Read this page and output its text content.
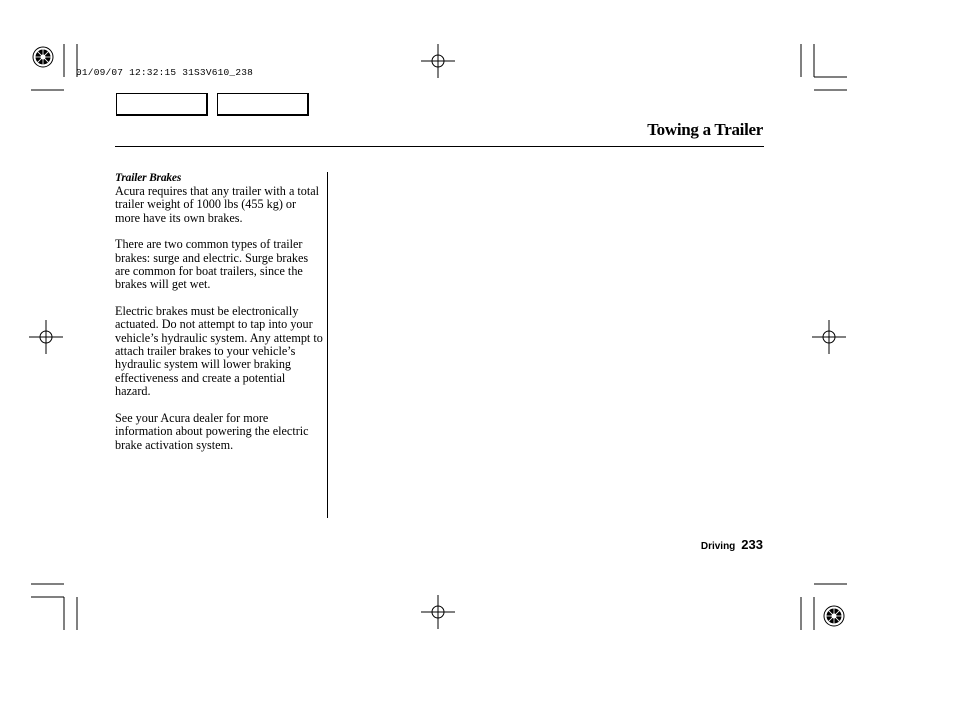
01/09/07 12:32:15 31S3V610_238
Towing a Trailer
Trailer Brakes

Acura requires that any trailer with a total trailer weight of 1000 lbs (455 kg) or more have its own brakes.

There are two common types of trailer brakes: surge and electric. Surge brakes are common for boat trailers, since the brakes will get wet.

Electric brakes must be electronically actuated. Do not attempt to tap into your vehicle’s hydraulic system. Any attempt to attach trailer brakes to your vehicle’s hydraulic system will lower braking effectiveness and create a potential hazard.

See your Acura dealer for more information about powering the electric brake activation system.

Driving 233
